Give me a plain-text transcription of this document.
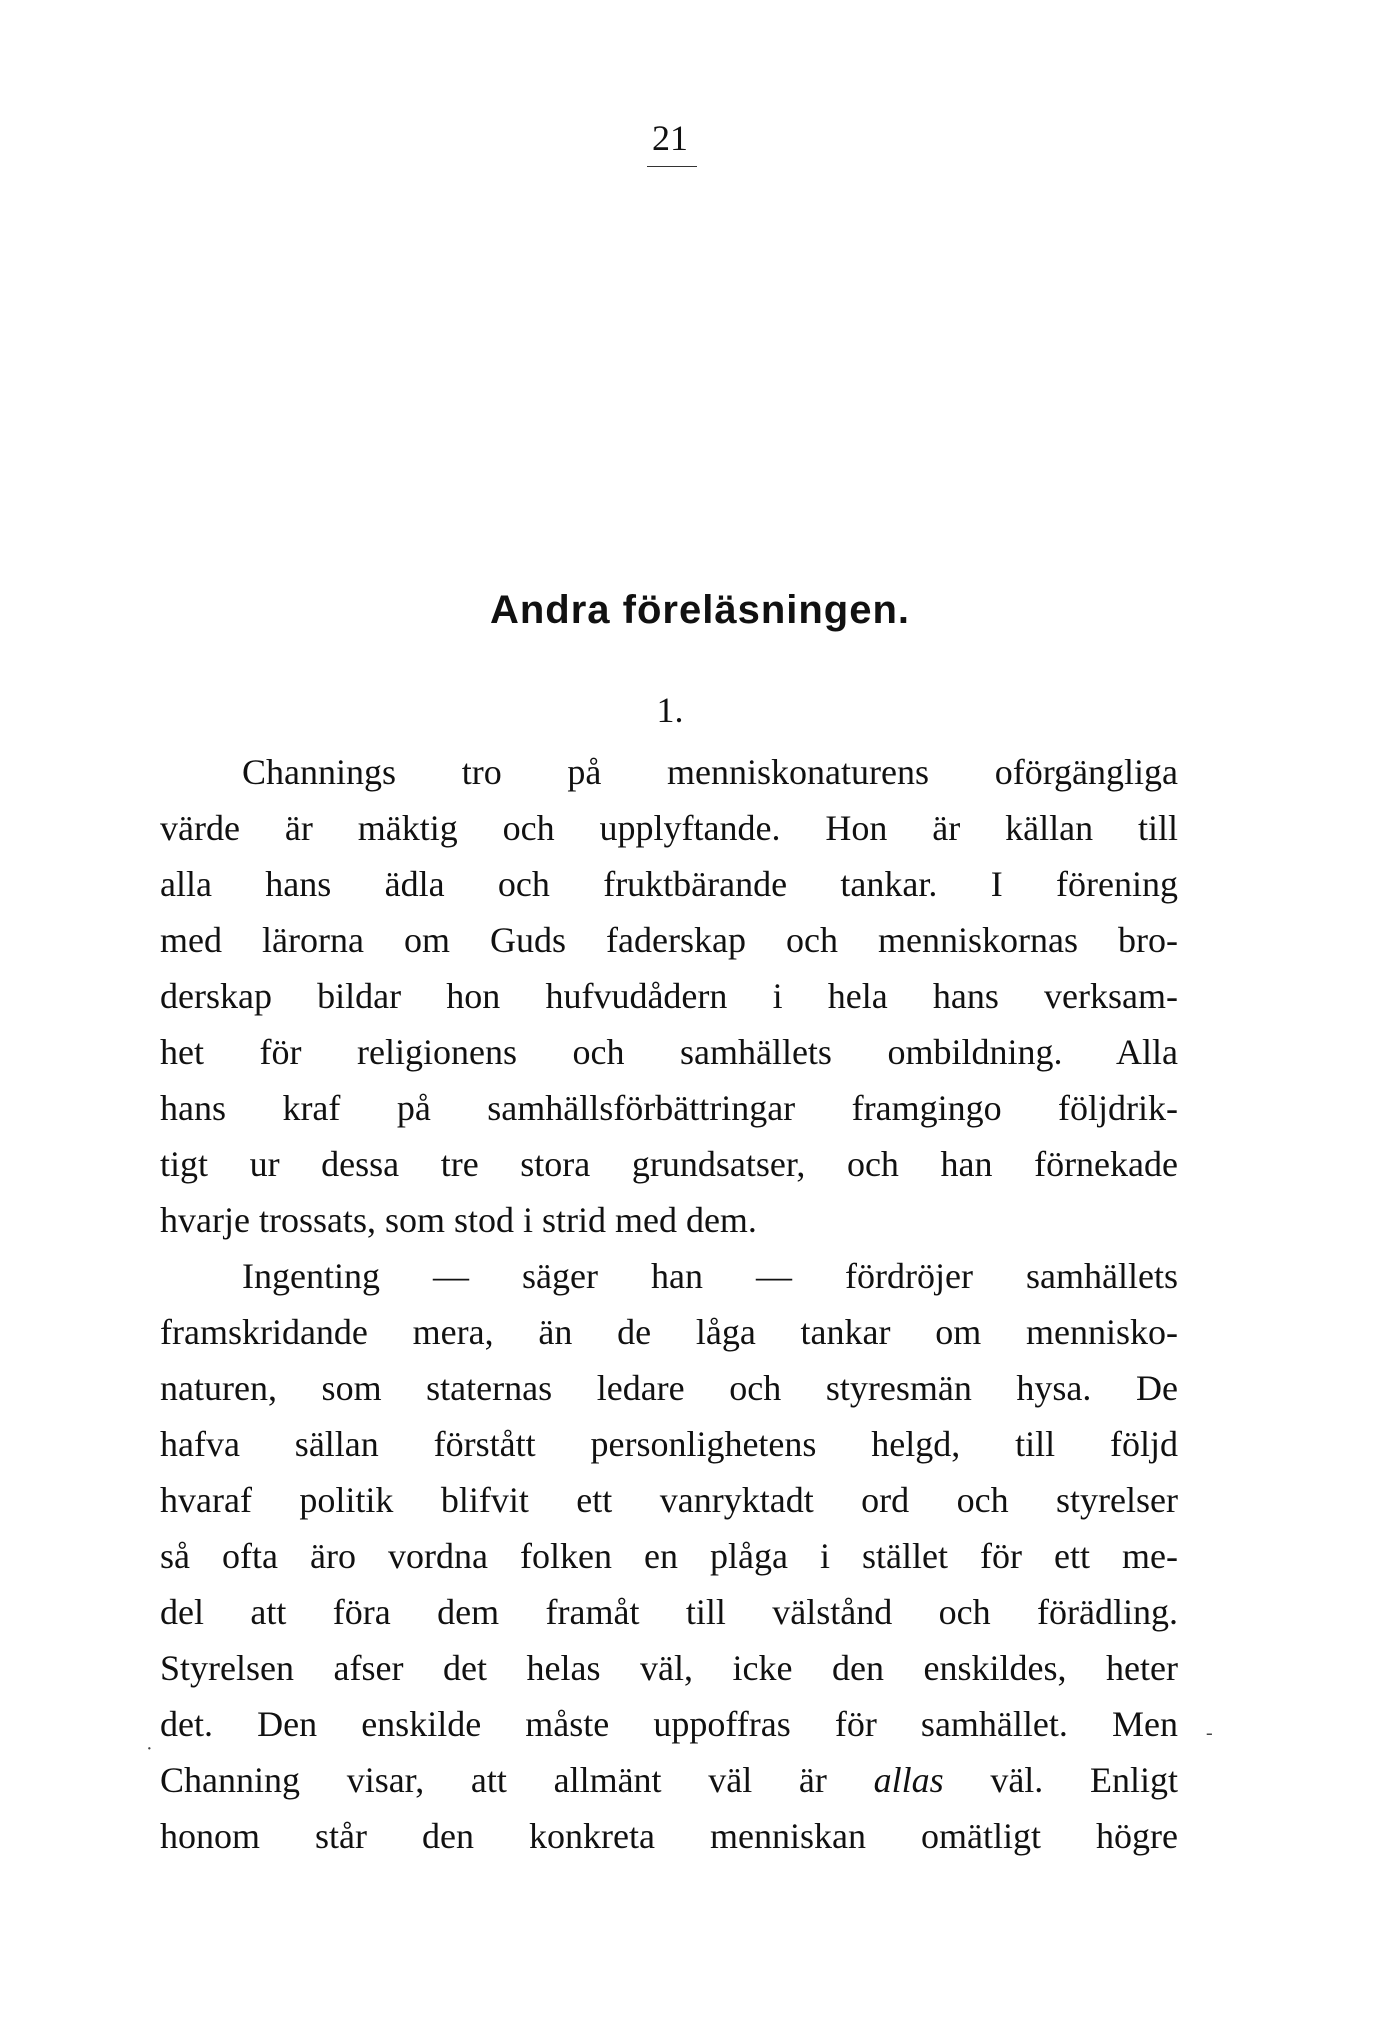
21
Andra föreläsningen.
1.
Channings tro på menniskonaturens oförgängliga
värde är mäktig och upplyftande. Hon är källan till
alla hans ädla och fruktbärande tankar. I förening
med lärorna om Guds faderskap och menniskornas bro-
derskap bildar hon hufvudådern i hela hans verksam-
het för religionens och samhällets ombildning. Alla
hans kraf på samhällsförbättringar framgingo följdrik-
tigt ur dessa tre stora grundsatser, och han förnekade
hvarje trossats, som stod i strid med dem.
Ingenting — säger han — fördröjer samhällets
framskridande mera, än de låga tankar om mennisko-
naturen, som staternas ledare och styresmän hysa. De
hafva sällan förstått personlighetens helgd, till följd
hvaraf politik blifvit ett vanryktadt ord och styrelser
så ofta äro vordna folken en plåga i stället för ett me-
del att föra dem framåt till välstånd och förädling.
Styrelsen afser det helas väl, icke den enskildes, heter
det. Den enskilde måste uppoffras för samhället. Men
Channing visar, att allmänt väl är allas väl. Enligt
honom står den konkreta menniskan omätligt högre
·
-
